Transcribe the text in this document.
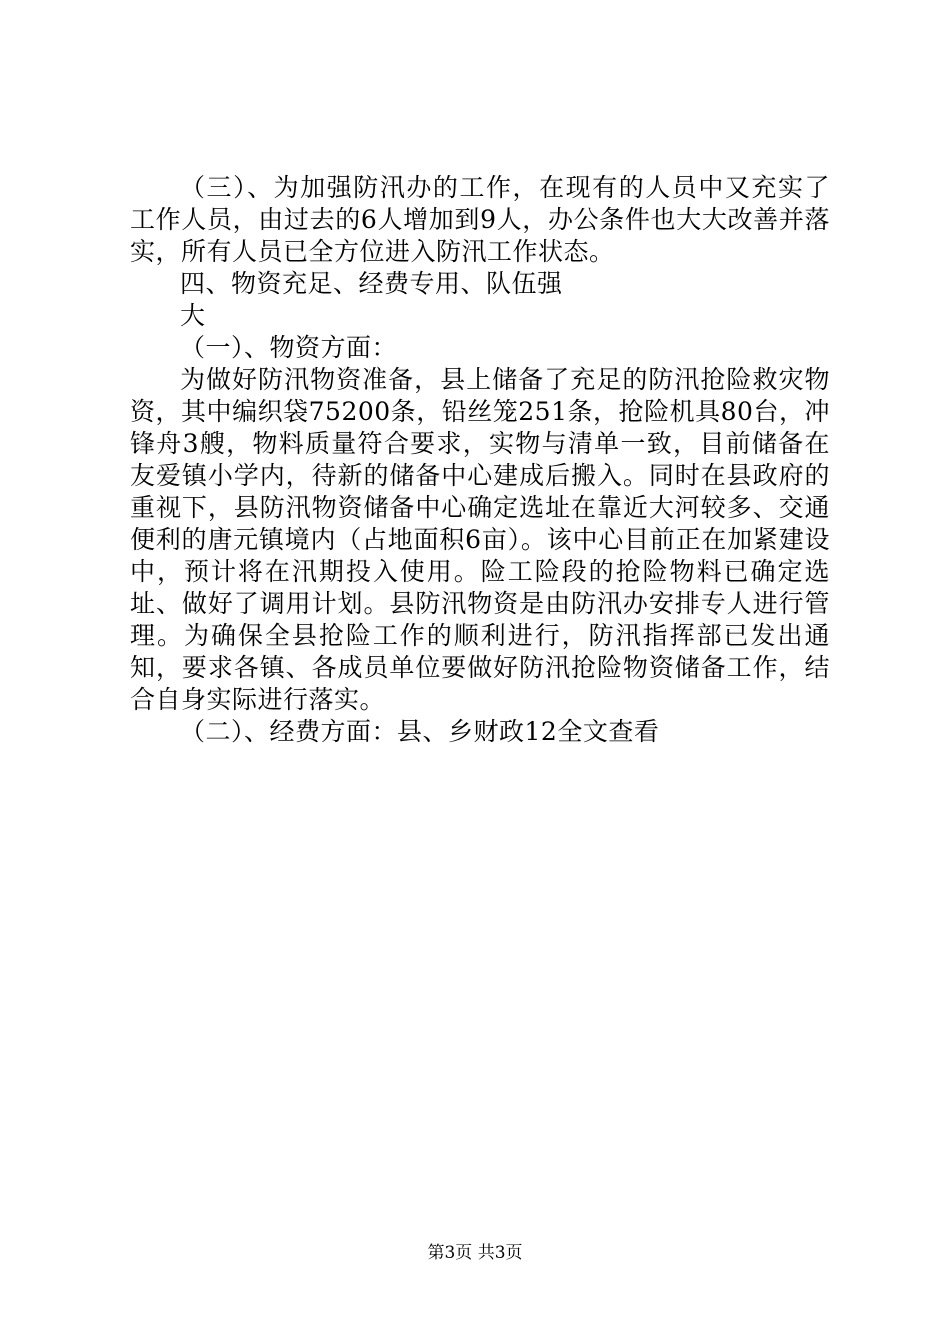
（三）、为加强防汛办的工作，在现有的人员中又充实了工作人员，由过去的6人增加到9人，办公条件也大大改善并落实，所有人员已全方位进入防汛工作状态。

四、物资充足、经费专用、队伍强

大

（一）、物资方面：

为做好防汛物资准备，县上储备了充足的防汛抢险救灾物资，其中编织袋75200条，铅丝笼251条，抢险机具80台，冲锋舟3艘，物料质量符合要求，实物与清单一致，目前储备在友爱镇小学内，待新的储备中心建成后搬入。同时在县政府的重视下，县防汛物资储备中心确定选址在靠近大河较多、交通便利的唐元镇境内（占地面积6亩）。该中心目前正在加紧建设中，预计将在汛期投入使用。险工险段的抢险物料已确定选址、做好了调用计划。县防汛物资是由防汛办安排专人进行管理。为确保全县抢险工作的顺利进行，防汛指挥部已发出通知，要求各镇、各成员单位要做好防汛抢险物资储备工作，结合自身实际进行落实。

（二）、经费方面：县、乡财政12全文查看

第3页 共3页
